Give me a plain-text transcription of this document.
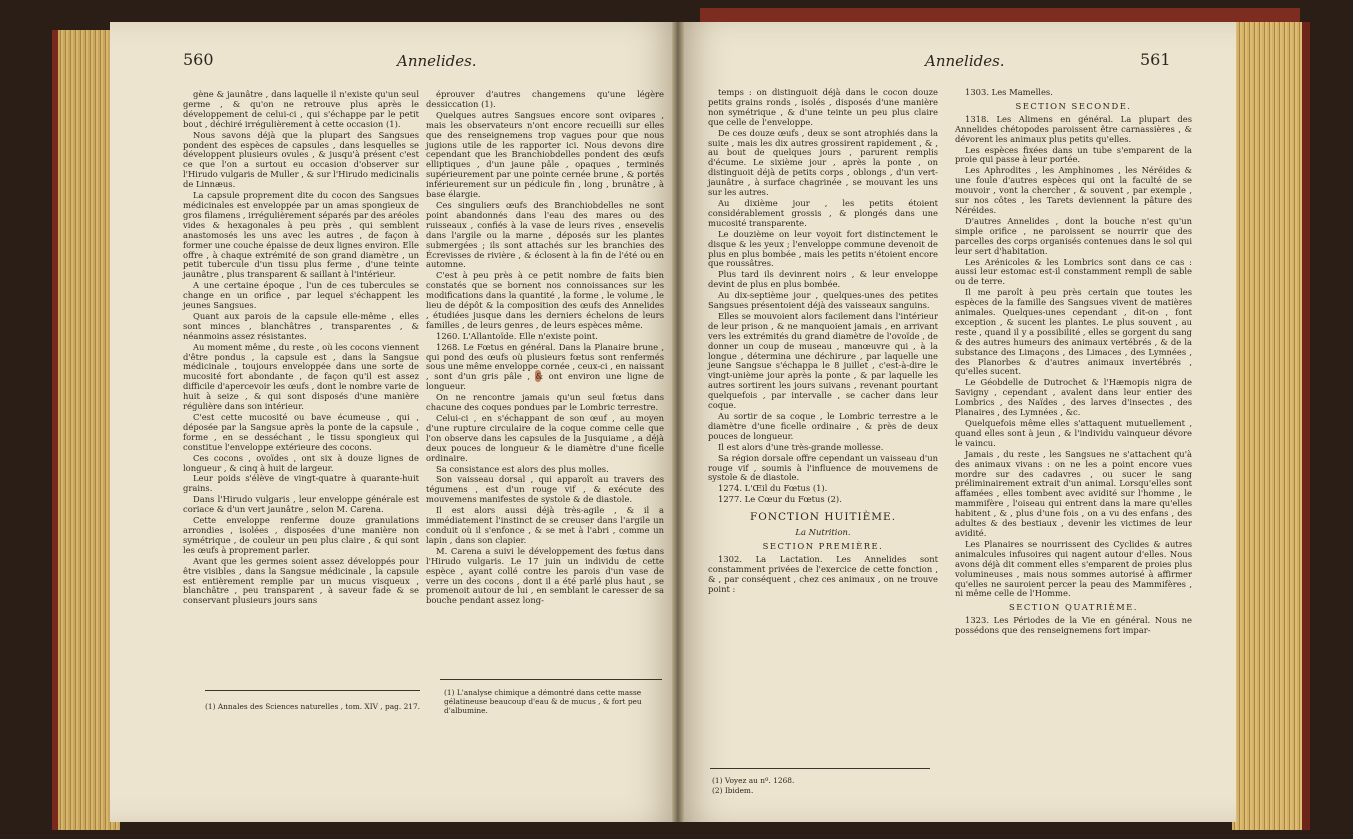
560	Annelides.

gène & jaunâtre , dans laquelle il n'existe qu'un seul germe , & qu'on ne retrouve plus après le développement de celui-ci , qui s'échappe par le petit bout , déchiré irrégulièrement à cette occasion (1).

Nous savons déjà que la plupart des Sangsues pondent des espèces de capsules , dans lesquelles se développent plusieurs ovules , & jusqu'à présent c'est ce que l'on a surtout eu occasion d'observer sur l'Hirudo vulgaris de Muller , & sur l'Hirudo medicinalis de Linnæus.

La capsule proprement dite du cocon des Sangsues médicinales est enveloppée par un amas spongieux de gros filamens , irrégulièrement séparés par des aréoles vides & hexagonales à peu près , qui semblent anastomosés les uns avec les autres , de façon à former une couche épaisse de deux lignes environ. Elle offre , à chaque extrémité de son grand diamètre , un petit tubercule d'un tissu plus ferme , d'une teinte jaunâtre , plus transparent & saillant à l'intérieur.

A une certaine époque , l'un de ces tubercules se change en un orifice , par lequel s'échappent les jeunes Sangsues.

Quant aux parois de la capsule elle-même , elles sont minces , blanchâtres , transparentes , & néanmoins assez résistantes.

Au moment même , du reste , où les cocons viennent d'être pondus , la capsule est , dans la Sangsue médicinale , toujours enveloppée dans une sorte de mucosité fort abondante , de façon qu'il est assez difficile d'apercevoir les œufs , dont le nombre varie de huit à seize , & qui sont disposés d'une manière régulière dans son intérieur.

C'est cette mucosité ou bave écumeuse , qui , déposée par la Sangsue après la ponte de la capsule , forme , en se desséchant , le tissu spongieux qui constitue l'enveloppe extérieure des cocons.

Ces cocons , ovoïdes , ont six à douze lignes de longueur , & cinq à huit de largeur.

Leur poids s'élève de vingt-quatre à quarante-huit grains.

Dans l'Hirudo vulgaris , leur enveloppe générale est coriace & d'un vert jaunâtre , selon M. Carena.

Cette enveloppe renferme douze granulations arrondies , isolées , disposées d'une manière non symétrique , de couleur un peu plus claire , & qui sont les œufs à proprement parler.

Avant que les germes soient assez développés pour être visibles , dans la Sangsue médicinale , la capsule est entièrement remplie par un mucus visqueux , blanchâtre , peu transparent , à saveur fade & se conservant plusieurs jours sans

éprouver d'autres changemens qu'une légère dessiccation (1).

Quelques autres Sangsues encore sont ovipares , mais les observateurs n'ont encore recueilli sur elles que des renseignemens trop vagues pour que nous jugions utile de les rapporter ici. Nous devons dire cependant que les Branchiobdelles pondent des œufs elliptiques , d'un jaune pâle , opaques , terminés supérieurement par une pointe cernée brune , & portés inférieurement sur un pédicule fin , long , brunâtre , à base élargie.

Ces singuliers œufs des Branchiobdelles ne sont point abandonnés dans l'eau des mares ou des ruisseaux , confiés à la vase de leurs rives , ensevelis dans l'argile ou la marne , déposés sur les plantes submergées ; ils sont attachés sur les branchies des Écrevisses de rivière , & éclosent à la fin de l'été ou en automne.

C'est à peu près à ce petit nombre de faits bien constatés que se bornent nos connoissances sur les modifications dans la quantité , la forme , le volume , le lieu de dépôt & la composition des œufs des Annelides , étudiées jusque dans les derniers échelons de leurs familles , de leurs genres , de leurs espèces même.

1260. L'Allantoïde. Elle n'existe point.

1268. Le Fœtus en général. Dans la Planaire brune , qui pond des œufs où plusieurs fœtus sont renfermés sous une même enveloppe cornée , ceux-ci , en naissant , sont d'un gris pâle , & ont environ une ligne de longueur.

On ne rencontre jamais qu'un seul fœtus dans chacune des coques pondues par le Lombric terrestre.

Celui-ci , en s'échappant de son œuf , au moyen d'une rupture circulaire de la coque comme celle que l'on observe dans les capsules de la Jusquiame , a déjà deux pouces de longueur & le diamètre d'une ficelle ordinaire.

Sa consistance est alors des plus molles.

Son vaisseau dorsal , qui apparoît au travers des tégumens , est d'un rouge vif , & exécute des mouvemens manifestes de systole & de diastole.

Il est alors aussi déjà très-agile , & il a immédiatement l'instinct de se creuser dans l'argile un conduit où il s'enfonce , & se met à l'abri , comme un lapin , dans son clapier.

M. Carena a suivi le développement des fœtus dans l'Hirudo vulgaris. Le 17 juin un individu de cette espèce , ayant collé contre les parois d'un vase de verre un des cocons , dont il a été parlé plus haut , se promenoit autour de lui , en semblant le caresser de sa bouche pendant assez long-

(1) Annales des Sciences naturelles , tom. XIV , pag. 217.
(1) L'analyse chimique a démontré dans cette masse gélatineuse beaucoup d'eau & de mucus , & fort peu d'albumine.
Annelides.	561

temps : on distinguoit déjà dans le cocon douze petits grains ronds , isolés , disposés d'une manière non symétrique , & d'une teinte un peu plus claire que celle de l'enveloppe.

De ces douze œufs , deux se sont atrophiés dans la suite , mais les dix autres grossirent rapidement , & , au bout de quelques jours , parurent remplis d'écume. Le sixième jour , après la ponte , on distinguoit déjà de petits corps , oblongs , d'un vert-jaunâtre , à surface chagrinée , se mouvant les uns sur les autres.

Au dixième jour , les petits étoient considérablement grossis , & plongés dans une mucosité transparente.

Le douzième on leur voyoit fort distinctement le disque & les yeux ; l'enveloppe commune devenoit de plus en plus bombée , mais les petits n'étoient encore que roussâtres.

Plus tard ils devinrent noirs , & leur enveloppe devint de plus en plus bombée.

Au dix-septième jour , quelques-unes des petites Sangsues présentoient déjà des vaisseaux sanguins.

Elles se mouvoient alors facilement dans l'intérieur de leur prison , & ne manquoient jamais , en arrivant vers les extrémités du grand diamètre de l'ovoïde , de donner un coup de museau , manœuvre qui , à la longue , détermina une déchirure , par laquelle une jeune Sangsue s'échappa le 8 juillet , c'est-à-dire le vingt-unième jour après la ponte , & par laquelle les autres sortirent les jours suivans , revenant pourtant quelquefois , par intervalle , se cacher dans leur coque.

Au sortir de sa coque , le Lombric terrestre a le diamètre d'une ficelle ordinaire , & près de deux pouces de longueur.

Il est alors d'une très-grande mollesse.

Sa région dorsale offre cependant un vaisseau d'un rouge vif , soumis à l'influence de mouvemens de systole & de diastole.

1274. L'Œil du Fœtus (1).

1277. Le Cœur du Fœtus (2).

FONCTION HUITIÈME.
La Nutrition.
SECTION PREMIÈRE.

1302. La Lactation. Les Annelides sont constamment privées de l'exercice de cette fonction , & , par conséquent , chez ces animaux , on ne trouve point :

1303. Les Mamelles.

SECTION SECONDE.

1318. Les Alimens en général. La plupart des Annelides chétopodes paroissent être carnassières , & dévorent les animaux plus petits qu'elles.

Les espèces fixées dans un tube s'emparent de la proie qui passe à leur portée.

Les Aphrodites , les Amphinomes , les Néréides & une foule d'autres espèces qui ont la faculté de se mouvoir , vont la chercher , & souvent , par exemple , sur nos côtes , les Tarets deviennent la pâture des Néréides.

D'autres Annelides , dont la bouche n'est qu'un simple orifice , ne paroissent se nourrir que des parcelles des corps organisés contenues dans le sol qui leur sert d'habitation.

Les Arénicoles & les Lombrics sont dans ce cas : aussi leur estomac est-il constamment rempli de sable ou de terre.

Il me paroît à peu près certain que toutes les espèces de la famille des Sangsues vivent de matières animales. Quelques-unes cependant , dit-on , font exception , & sucent les plantes. Le plus souvent , au reste , quand il y a possibilité , elles se gorgent du sang & des autres humeurs des animaux vertébrés , & de la substance des Limaçons , des Limaces , des Lymnées , des Planorbes & d'autres animaux invertébrés , qu'elles sucent.

Le Géobdelle de Dutrochet & l'Hæmopis nigra de Savigny , cependant , avalent dans leur entier des Lombrics , des Naïdes , des larves d'insectes , des Planaires , des Lymnées , &c.

Quelquefois même elles s'attaquent mutuellement , quand elles sont à jeun , & l'individu vainqueur dévore le vaincu.

Jamais , du reste , les Sangsues ne s'attachent qu'à des animaux vivans : on ne les a point encore vues mordre sur des cadavres , ou sucer le sang préliminairement extrait d'un animal. Lorsqu'elles sont affamées , elles tombent avec avidité sur l'homme , le mammifère , l'oiseau qui entrent dans la mare qu'elles habitent , & , plus d'une fois , on a vu des enfans , des adultes & des bestiaux , devenir les victimes de leur avidité.

Les Planaires se nourrissent des Cyclides & autres animalcules infusoires qui nagent autour d'elles. Nous avons déjà dit comment elles s'emparent de proies plus volumineuses , mais nous sommes autorisé à affirmer qu'elles ne sauroient percer la peau des Mammifères , ni même celle de l'Homme.

SECTION QUATRIÈME.

1323. Les Périodes de la Vie en général. Nous ne possédons que des renseignemens fort impar-

(1) Voyez au nº. 1268.
(2) Ibidem.
